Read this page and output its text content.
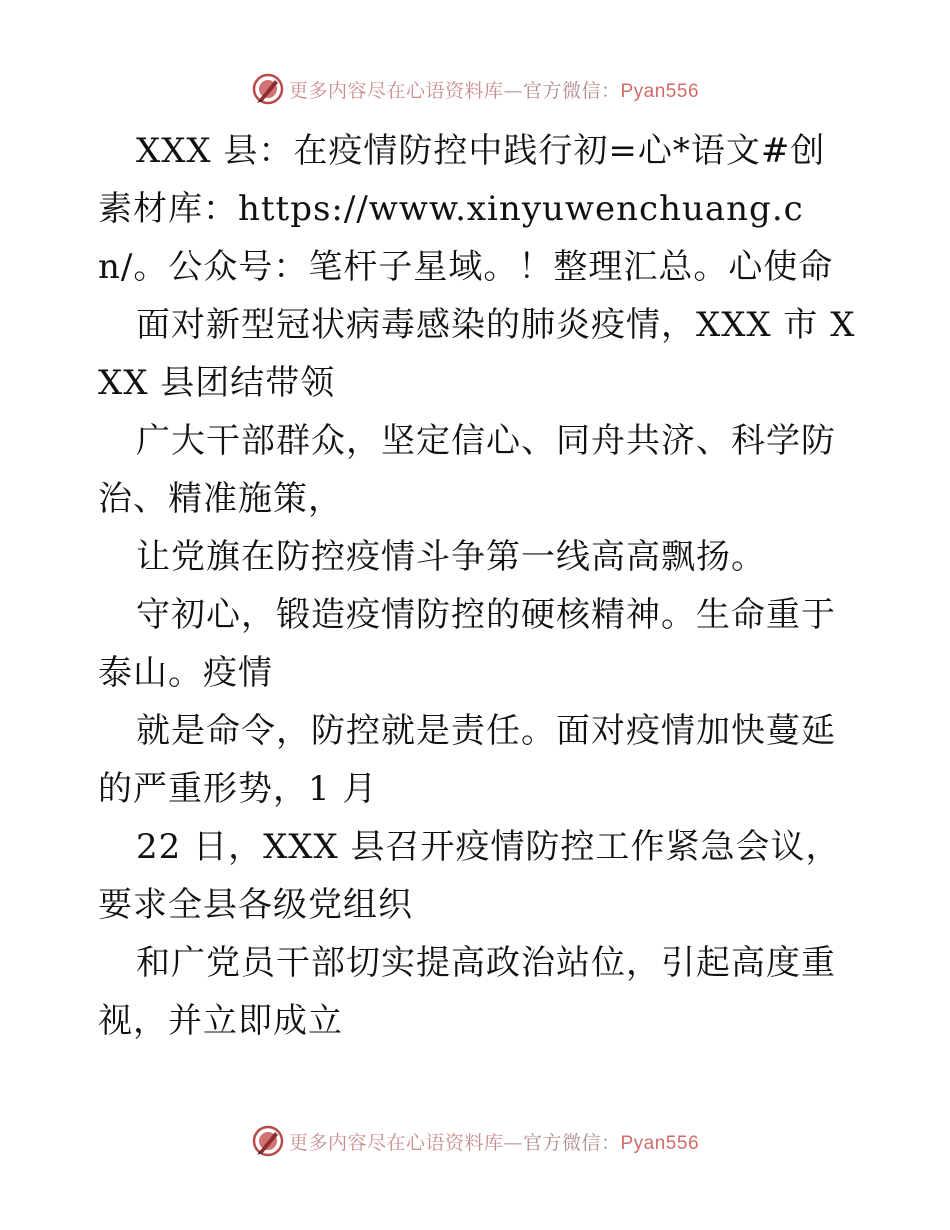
更多内容尽在心语资料库—官方微信：Pyan556

XXX 县：在疫情防控中践行初=心*语文#创素材库：https://www.xinyuwenchuang.cn/。公众号：笔杆子星域。！整理汇总。心使命

面对新型冠状病毒感染的肺炎疫情，XXX 市 XXX 县团结带领

广大干部群众，坚定信心、同舟共济、科学防治、精准施策，

让党旗在防控疫情斗争第一线高高飘扬。

守初心，锻造疫情防控的硬核精神。生命重于泰山。疫情

就是命令，防控就是责任。面对疫情加快蔓延的严重形势，1 月

22 日，XXX 县召开疫情防控工作紧急会议，要求全县各级党组织

和广党员干部切实提高政治站位，引起高度重视，并立即成立

更多内容尽在心语资料库—官方微信：Pyan556
